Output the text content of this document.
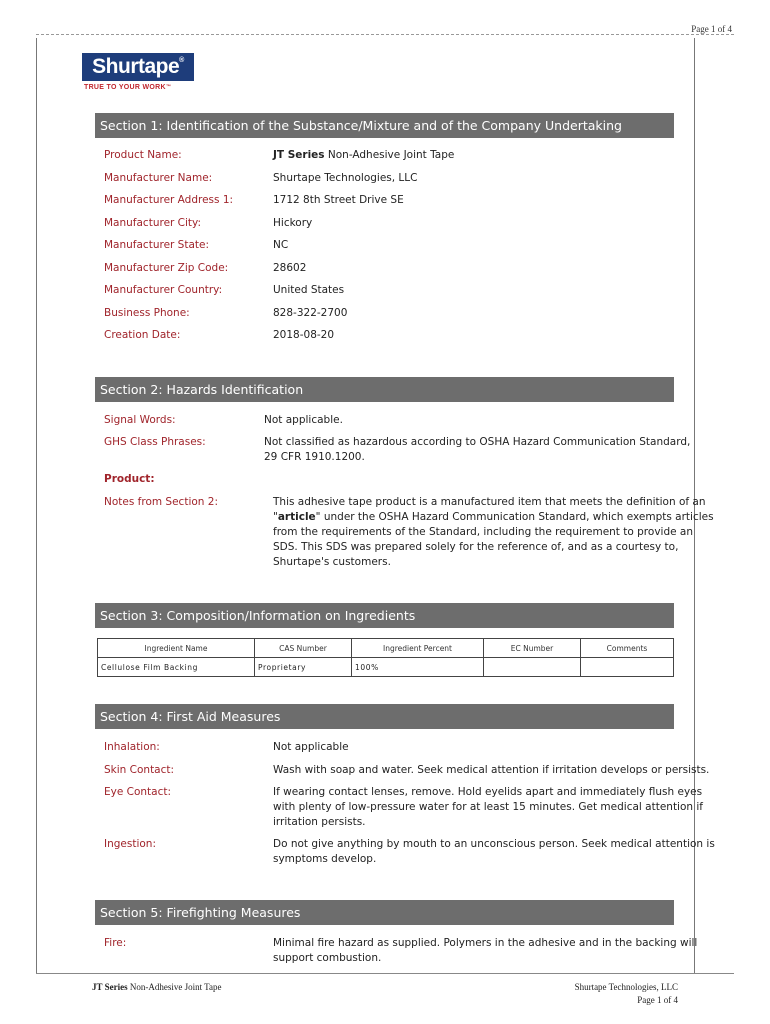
Page 1 of 4
Shurtape®
TRUE TO YOUR WORK™
Section 1: Identification of the Substance/Mixture and of the Company Undertaking
Product Name:	JT Series Non-Adhesive Joint Tape
Manufacturer Name:	Shurtape Technologies, LLC
Manufacturer Address 1:	1712 8th Street Drive SE
Manufacturer City:	Hickory
Manufacturer State:	NC
Manufacturer Zip Code:	28602
Manufacturer Country:	United States
Business Phone:	828-322-2700
Creation Date:	2018-08-20
Section 2: Hazards Identification
Signal Words:	Not applicable.
GHS Class Phrases:	Not classified as hazardous according to OSHA Hazard Communication Standard,
29 CFR 1910.1200.
Product:
Notes from Section 2:	This adhesive tape product is a manufactured item that meets the definition of an
"article" under the OSHA Hazard Communication Standard, which exempts articles
from the requirements of the Standard, including the requirement to provide an
SDS. This SDS was prepared solely for the reference of, and as a courtesy to,
Shurtape's customers.
Section 3: Composition/Information on Ingredients
Ingredient Name	CAS Number	Ingredient Percent	EC Number	Comments
Cellulose Film Backing	Proprietary	100%		
Section 4: First Aid Measures
Inhalation:	Not applicable
Skin Contact:	Wash with soap and water. Seek medical attention if irritation develops or persists.
Eye Contact:	If wearing contact lenses, remove. Hold eyelids apart and immediately flush eyes
with plenty of low-pressure water for at least 15 minutes. Get medical attention if
irritation persists.
Ingestion:	Do not give anything by mouth to an unconscious person. Seek medical attention is
symptoms develop.
Section 5: Firefighting Measures
Fire:	Minimal fire hazard as supplied. Polymers in the adhesive and in the backing will
support combustion.
JT Series Non-Adhesive Joint Tape	Shurtape Technologies, LLC
Page 1 of 4
